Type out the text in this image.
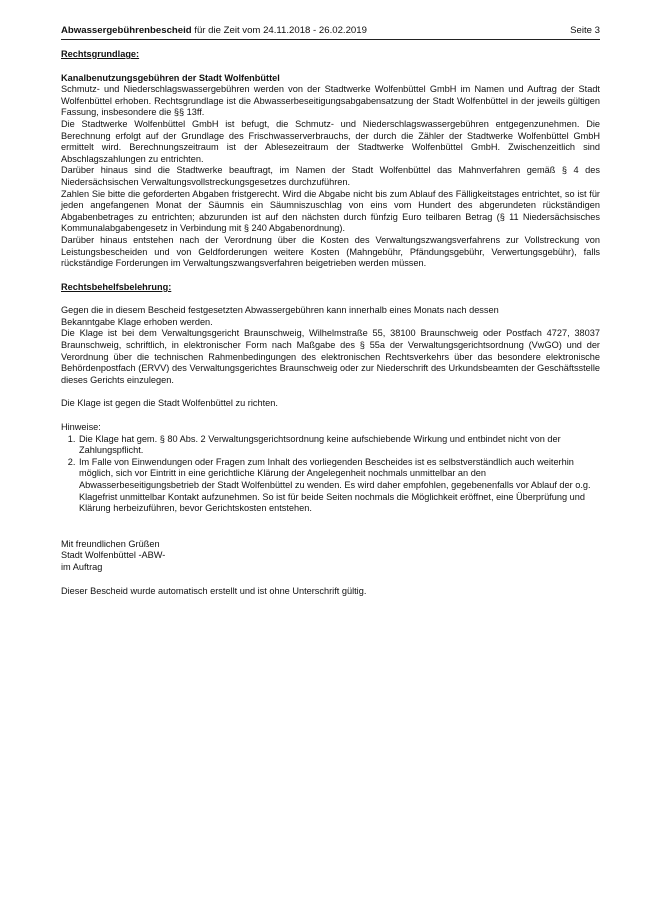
Abwassergebührenbescheid für die Zeit vom 24.11.2018 - 26.02.2019	Seite 3

Rechtsgrundlage:

Kanalbenutzungsgebühren der Stadt Wolfenbüttel

Schmutz- und Niederschlagswassergebühren werden von der Stadtwerke Wolfenbüttel GmbH im Namen und Auftrag der Stadt Wolfenbüttel erhoben. Rechtsgrundlage ist die Abwasserbeseitigungsabgabensatzung der Stadt Wolfenbüttel in der jeweils gültigen Fassung, insbesondere die §§ 13ff.

Die Stadtwerke Wolfenbüttel GmbH ist befugt, die Schmutz- und Niederschlagswassergebühren entgegenzunehmen. Die Berechnung erfolgt auf der Grundlage des Frischwasserverbrauchs, der durch die Zähler der Stadtwerke Wolfenbüttel GmbH ermittelt wird. Berechnungszeitraum ist der Ablesezeitraum der Stadtwerke Wolfenbüttel GmbH. Zwischenzeitlich sind Abschlagszahlungen zu entrichten.

Darüber hinaus sind die Stadtwerke beauftragt, im Namen der Stadt Wolfenbüttel das Mahnverfahren gemäß § 4 des Niedersächsischen Verwaltungsvollstreckungsgesetzes durchzuführen.

Zahlen Sie bitte die geforderten Abgaben fristgerecht. Wird die Abgabe nicht bis zum Ablauf des Fälligkeitstages entrichtet, so ist für jeden angefangenen Monat der Säumnis ein Säumniszuschlag von eins vom Hundert des abgerundeten rückständigen Abgabenbetrages zu entrichten; abzurunden ist auf den nächsten durch fünfzig Euro teilbaren Betrag (§ 11 Niedersächsisches Kommunalabgabengesetz in Verbindung mit § 240 Abgabenordnung).

Darüber hinaus entstehen nach der Verordnung über die Kosten des Verwaltungszwangsverfahrens zur Vollstreckung von Leistungsbescheiden und von Geldforderungen weitere Kosten (Mahngebühr, Pfändungsgebühr, Verwertungsgebühr), falls rückständige Forderungen im Verwaltungszwangsverfahren beigetrieben werden müssen.

Rechtsbehelfsbelehrung:

Gegen die in diesem Bescheid festgesetzten Abwassergebühren kann innerhalb eines Monats nach dessen Bekanntgabe Klage erhoben werden.

Die Klage ist bei dem Verwaltungsgericht Braunschweig, Wilhelmstraße 55, 38100 Braunschweig oder Postfach 4727, 38037 Braunschweig, schriftlich, in elektronischer Form nach Maßgabe des § 55a der Verwaltungsgerichtsordnung (VwGO) und der Verordnung über die technischen Rahmenbedingungen des elektronischen Rechtsverkehrs über das besondere elektronische Behördenpostfach (ERVV) des Verwaltungsgerichtes Braunschweig oder zur Niederschrift des Urkundsbeamten der Geschäftsstelle dieses Gerichts einzulegen.

Die Klage ist gegen die Stadt Wolfenbüttel zu richten.

Hinweise:

1. Die Klage hat gem. § 80 Abs. 2 Verwaltungsgerichtsordnung keine aufschiebende Wirkung und entbindet nicht von der Zahlungspflicht.
2. Im Falle von Einwendungen oder Fragen zum Inhalt des vorliegenden Bescheides ist es selbstverständlich auch weiterhin möglich, sich vor Eintritt in eine gerichtliche Klärung der Angelegenheit nochmals unmittelbar an den Abwasserbeseitigungsbetrieb der Stadt Wolfenbüttel zu wenden. Es wird daher empfohlen, gegebenenfalls vor Ablauf der o.g. Klagefrist unmittelbar Kontakt aufzunehmen. So ist für beide Seiten nochmals die Möglichkeit eröffnet, eine Überprüfung und Klärung herbeizuführen, bevor Gerichtskosten entstehen.

Mit freundlichen Grüßen

Stadt Wolfenbüttel -ABW-

im Auftrag

Dieser Bescheid wurde automatisch erstellt und ist ohne Unterschrift gültig.
